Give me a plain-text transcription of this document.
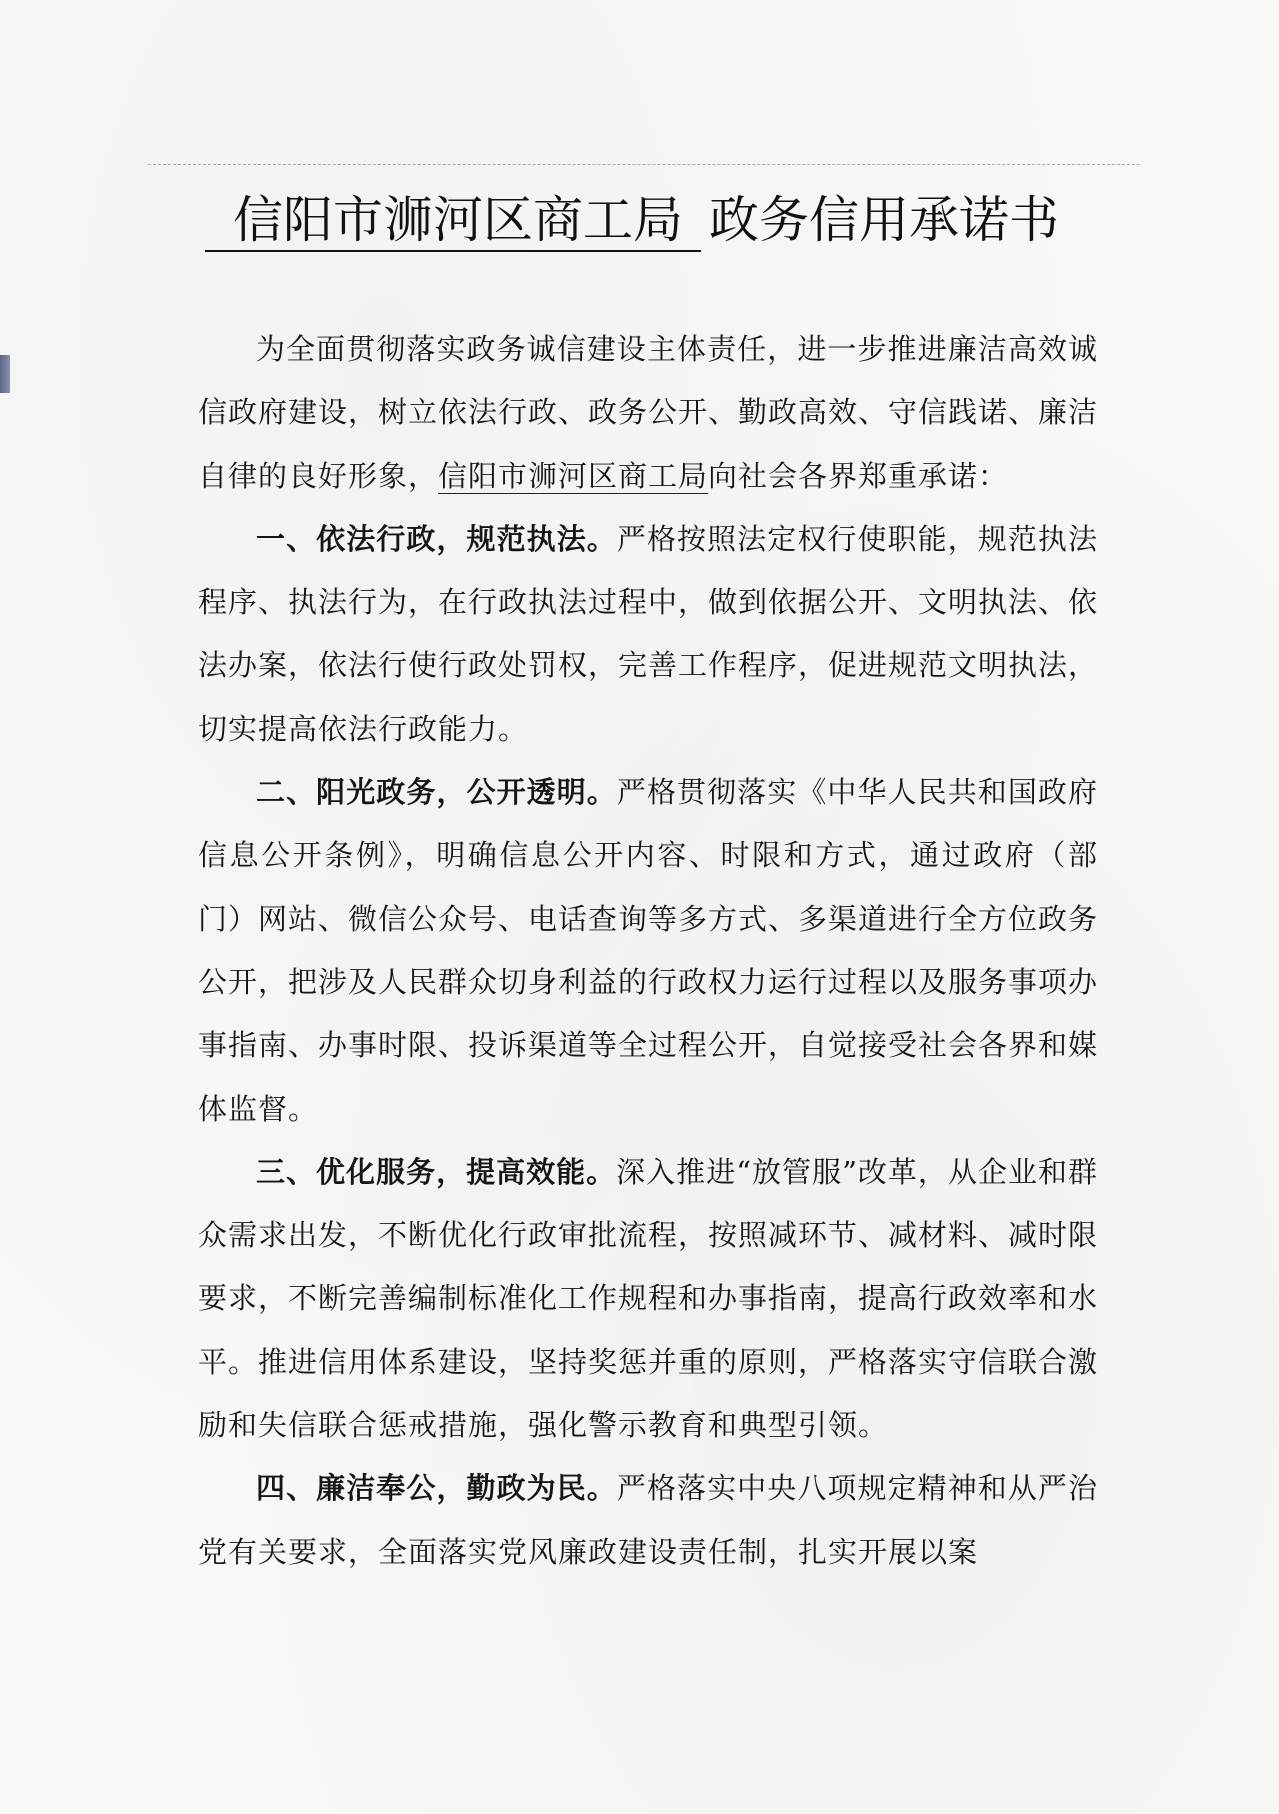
信阳市浉河区商工局 政务信用承诺书

为全面贯彻落实政务诚信建设主体责任，进一步推进廉洁高效诚信政府建设，树立依法行政、政务公开、勤政高效、守信践诺、廉洁自律的良好形象，信阳市浉河区商工局向社会各界郑重承诺：

一、依法行政，规范执法。严格按照法定权行使职能，规范执法程序、执法行为，在行政执法过程中，做到依据公开、文明执法、依法办案，依法行使行政处罚权，完善工作程序，促进规范文明执法，切实提高依法行政能力。

二、阳光政务，公开透明。严格贯彻落实《中华人民共和国政府信息公开条例》，明确信息公开内容、时限和方式，通过政府（部门）网站、微信公众号、电话查询等多方式、多渠道进行全方位政务公开，把涉及人民群众切身利益的行政权力运行过程以及服务事项办事指南、办事时限、投诉渠道等全过程公开，自觉接受社会各界和媒体监督。

三、优化服务，提高效能。深入推进“放管服”改革，从企业和群众需求出发，不断优化行政审批流程，按照减环节、减材料、减时限要求，不断完善编制标准化工作规程和办事指南，提高行政效率和水平。推进信用体系建设，坚持奖惩并重的原则，严格落实守信联合激励和失信联合惩戒措施，强化警示教育和典型引领。

四、廉洁奉公，勤政为民。严格落实中央八项规定精神和从严治党有关要求，全面落实党风廉政建设责任制，扎实开展以案
